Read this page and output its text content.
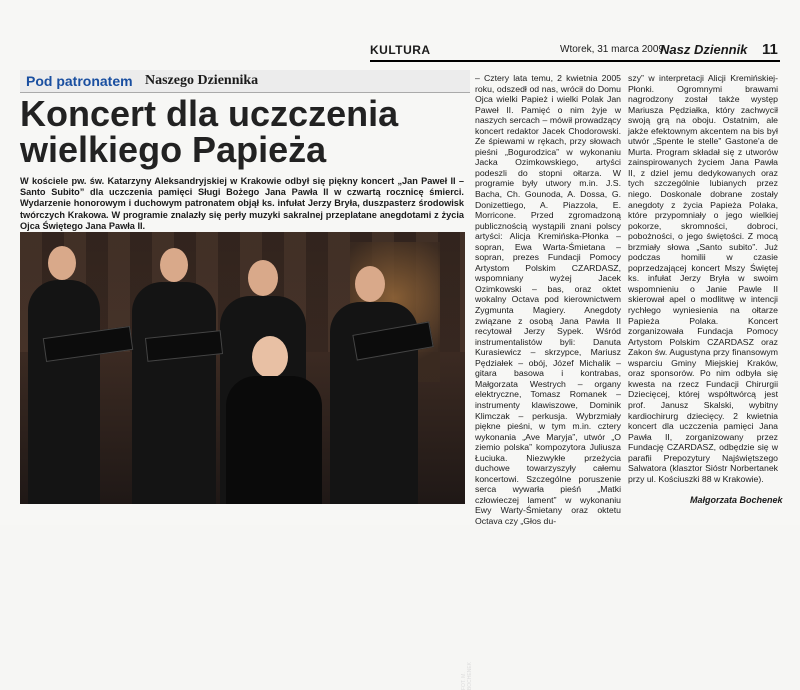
KULTURA	Wtorek, 31 marca 2009
Nasz Dziennik 11
Pod patronatem Naszego Dziennika
Koncert dla uczczenia wielkiego Papieża
W kościele pw. św. Katarzyny Aleksandryjskiej w Krakowie odbył się piękny koncert „Jan Paweł II – Santo Subito” dla uczczenia pamięci Sługi Bożego Jana Pawła II w czwartą rocznicę śmierci. Wydarzenie honorowym i duchowym patronatem objął ks. infułat Jerzy Bryła, duszpasterz środowisk twórczych Krakowa. W programie znalazły się perły muzyki sakralnej przeplatane anegdotami z życia Ojca Świętego Jana Pawła II.
FOT. M. BOCHENEK
– Cztery lata temu, 2 kwietnia 2005 roku, odszedł od nas, wrócił do Domu Ojca wielki Papież i wielki Polak Jan Paweł II. Pamięć o nim żyje w naszych sercach – mówił prowadzący koncert redaktor Jacek Chodorowski. Ze śpiewami w rękach, przy słowach pieśni „Bogurodzica” w wykonaniu Jacka Ozimkowskiego, artyści podeszli do stopni ołtarza. W programie były utwory m.in. J.S. Bacha, Ch. Gounoda, A. Dossa, G. Donizettiego, A. Piazzola, E. Morricone. Przed zgromadzoną publicznością wystąpili znani polscy artyści: Alicja Kremińska-Płonka – sopran, Ewa Warta-Śmietana – sopran, prezes Fundacji Pomocy Artystom Polskim CZARDASZ, wspomniany wyżej Jacek Ozimkowski – bas, oraz oktet wokalny Octava pod kierownictwem Zygmunta Magiery. Anegdoty związane z osobą Jana Pawła II recytował Jerzy Sypek. Wśród instrumentalistów byli: Danuta Kurasiewicz – skrzypce, Mariusz Pędziałek – obój, Józef Michalik – gitara basowa i kontrabas, Małgorzata Westrych – organy elektryczne, Tomasz Romanek – instrumenty klawiszowe, Dominik Klimczak – perkusja. Wybrzmiały piękne pieśni, w tym m.in. cztery wykonania „Ave Maryja”, utwór „O ziemio polska” kompozytora Juliusza Łuciuka. Niezwykłe przeżycia duchowe towarzyszyły całemu koncertowi. Szczególne poruszenie serca wywarła pieśń „Matki człowieczej lament” w wykonaniu Ewy Warty-Śmietany oraz oktetu Octava czy „Głos du-
szy” w interpretacji Alicji Kremińskiej-Płonki. Ogromnymi brawami nagrodzony został także występ Mariusza Pędziałka, który zachwycił swoją grą na oboju. Ostatnim, ale jakże efektownym akcentem na bis był utwór „Spente le stelle” Gastone'a de Murta. Program składał się z utworów zainspirowanych życiem Jana Pawła II, z dziel jemu dedykowanych oraz tych szczególnie lubianych przez niego. Doskonale dobrane zostały anegdoty z życia Papieża Polaka, które przypomniały o jego wielkiej pokorze, skromności, dobroci, pobożności, o jego świętości. Z mocą brzmiały słowa „Santo subito”. Już podczas homilii w czasie poprzedzającej koncert Mszy Świętej ks. infułat Jerzy Bryła w swoim wspomnieniu o Janie Pawle II skierował apel o modlitwę w intencji rychłego wyniesienia na ołtarze Papieża Polaka. Koncert zorganizowała Fundacja Pomocy Artystom Polskim CZARDASZ oraz Zakon św. Augustyna przy finansowym wsparciu Gminy Miejskiej Kraków, oraz sponsorów. Po nim odbyła się kwesta na rzecz Fundacji Chirurgii Dziecięcej, której współtwórcą jest prof. Janusz Skalski, wybitny kardiochirurg dziecięcy. 2 kwietnia koncert dla uczczenia pamięci Jana Pawła II, zorganizowany przez Fundację CZARDASZ, odbędzie się w parafii Prepozytury Najświętszego Salwatora (klasztor Sióstr Norbertanek przy ul. Kościuszki 88 w Krakowie).
Małgorzata Bochenek
